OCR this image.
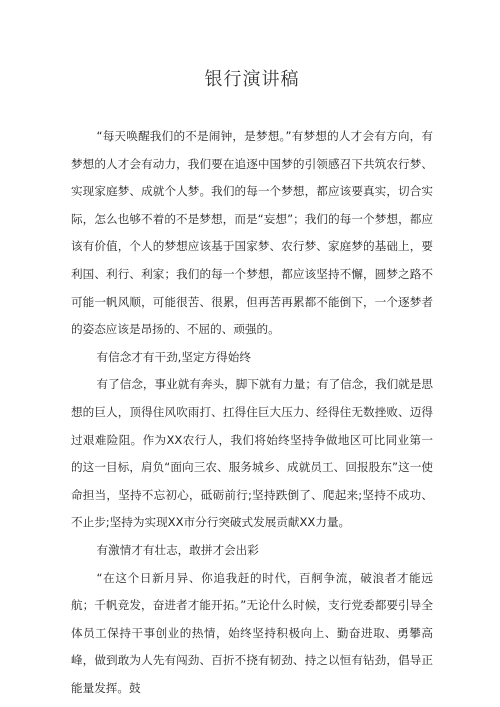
银行演讲稿

“每天唤醒我们的不是闹钟，是梦想。”有梦想的人才会有方向，有梦想的人才会有动力，我们要在追逐中国梦的引领感召下共筑农行梦、实现家庭梦、成就个人梦。我们的每一个梦想，都应该要真实，切合实际，怎么也够不着的不是梦想，而是“妄想”；我们的每一个梦想，都应该有价值，个人的梦想应该基于国家梦、农行梦、家庭梦的基础上，要利国、利行、利家；我们的每一个梦想，都应该坚持不懈，圆梦之路不可能一帆风顺，可能很苦、很累，但再苦再累都不能倒下，一个逐梦者的姿态应该是昂扬的、不屈的、顽强的。

有信念才有干劲,坚定方得始终

有了信念，事业就有奔头，脚下就有力量；有了信念，我们就是思想的巨人，顶得住风吹雨打、扛得住巨大压力、经得住无数挫败、迈得过艰难险阻。作为XX农行人，我们将始终坚持争做地区可比同业第一的这一目标，肩负“面向三农、服务城乡、成就员工、回报股东”这一使命担当，坚持不忘初心，砥砺前行;坚持跌倒了、爬起来;坚持不成功、不止步;坚持为实现XX市分行突破式发展贡献XX力量。

有激情才有壮志，敢拼才会出彩

“在这个日新月异、你追我赶的时代，百舸争流，破浪者才能远航；千帆竞发，奋进者才能开拓。”无论什么时候，支行党委都要引导全体员工保持干事创业的热情，始终坚持积极向上、勤奋进取、勇攀高峰，做到敢为人先有闯劲、百折不挠有韧劲、持之以恒有钻劲，倡导正能量发挥。鼓
